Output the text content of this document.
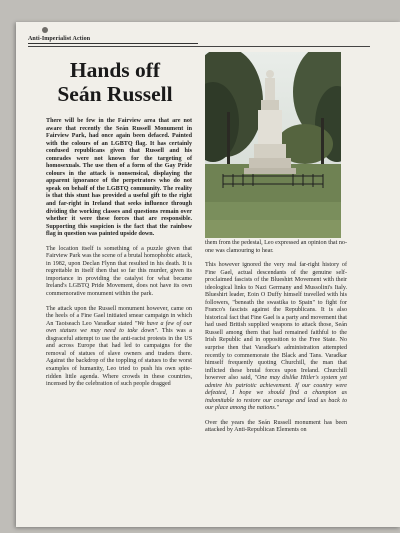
Anti-Imperialist Action
Hands off
Seán Russell

There will be few in the Fairview area that are not aware that recently the Seán Russell Monument in Fairview Park, had once again been defaced. Painted with the colours of an LGBTQ flag. It has certainly confused republicans given that Russell and his comrades were not known for the targeting of homosexuals. The use then of a form of the Gay Pride colours in the attack is nonsensical, displaying the apparent ignorance of the perpetrators who do not speak on behalf of the LGBTQ community. The reality is that this stunt has provided a useful gift to the right and far-right in Ireland that seeks influence through dividing the working classes and questions remain over whether it were these forces that are responsible. Supporting this suspicion is the fact that the rainbow flag in question was painted upside down.

The location itself is something of a puzzle given that Fairview Park was the scene of a brutal homophobic attack, in 1982, upon Declan Flynn that resulted in his death. It is regrettable in itself then that so far this murder, given its importance in providing the catalyst for what became Ireland's LGBTQ Pride Movement, does not have its own commemorative monument within the park.

The attack upon the Russell monument however, came on the heels of a Fine Gael initiated smear campaign in which An Taoiseach Leo Varadkar stated "We have a few of our own statues we may need to take down". This was a disgraceful attempt to use the anti-racist protests in the US and across Europe that had led to campaigns for the removal of statues of slave owners and traders there. Against the backdrop of the toppling of statues to the worst examples of humanity, Leo tried to push his own spite-ridden little agenda. Where crowds in these countries, incensed by the celebration of such people dragged

them from the pedestal, Leo expressed an opinion that no-one was clamouring to hear.

This however ignored the very real far-right history of Fine Gael, actual descendants of the genuine self-proclaimed fascists of the Blueshirt Movement with their ideological links to Nazi Germany and Mussolini's Italy. Blueshirt leader, Eoin O Duffy himself travelled with his followers, "beneath the swastika to Spain" to fight for Franco's fascists against the Republicans. It is also historical fact that Fine Gael is a party and movement that had used British supplied weapons to attack those, Seán Russell among them that had remained faithful to the Irish Republic and in opposition to the Free State. No surprise then that Varadkar's administration attempted recently to commemorate the Black and Tans. Varadkar himself frequently quoting Churchill, the man that inflicted these brutal forces upon Ireland. Churchill however also said, "One may dislike Hitler's system yet admire his patriotic achievement. If our country were defeated, I hope we should find a champion as indomitable to restore our courage and lead us back to our place among the nations."

Over the years the Seán Russell monument has been attacked by Anti-Republican Elements on
